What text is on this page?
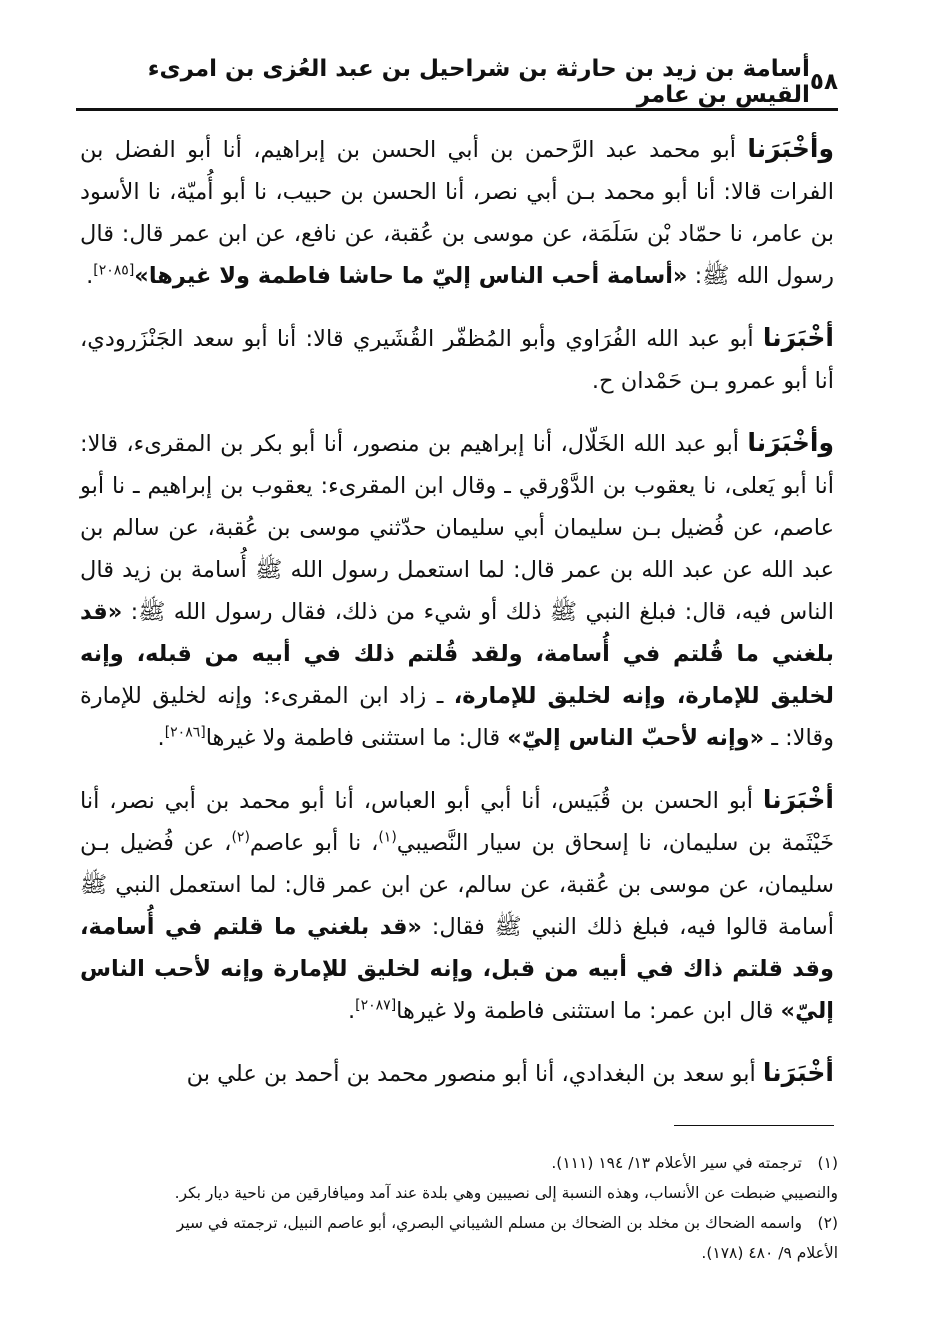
٥٨
أسامة بن زيد بن حارثة بن شراحيل بن عبد العُزى بن امرىء القيس بن عامر

وأخْبَرَنا أبو محمد عبد الرَّحمن بن أبي الحسن بن إبراهيم، أنا أبو الفضل بن الفرات قالا: أنا أبو محمد بـن أبي نصر، أنا الحسن بن حبيب، نا أبو أُميّة، نا الأسود بن عامر، نا حمّاد بْن سَلَمَة، عن موسى بن عُقبة، عن نافع، عن ابن عمر قال: قال رسول الله ﷺ: «أسامة أحب الناس إليّ ما حاشا فاطمة ولا غيرها»[٢٠٨٥].

أخْبَرَنا أبو عبد الله الفُرَاوي وأبو المُظفّر القُشَيري قالا: أنا أبو سعد الجَنْزَرودي، أنا أبو عمرو بـن حَمْدان ح.

وأخْبَرَنا أبو عبد الله الخَلّال، أنا إبراهيم بن منصور، أنا أبو بكر بن المقرىء، قالا: أنا أبو يَعلى، نا يعقوب بن الدَّوْرقي ـ وقال ابن المقرىء: يعقوب بن إبراهيم ـ نا أبو عاصم، عن فُضيل بـن سليمان أبي سليمان حدّثني موسى بن عُقبة، عن سالم بن عبد الله عن عبد الله بن عمر قال: لما استعمل رسول الله ﷺ أُسامة بن زيد قال الناس فيه، قال: فبلغ النبي ﷺ ذلك أو شيء من ذلك، فقال رسول الله ﷺ: «قد بلغني ما قُلتم في أُسامة، ولقد قُلتم ذلك في أبيه من قبله، وإنه لخليق للإمارة، وإنه لخليق للإمارة، ـ زاد ابن المقرىء: وإنه لخليق للإمارة وقالا: ـ «وإنه لأحبّ الناس إليّ» قال: ما استثنى فاطمة ولا غيرها[٢٠٨٦].

أخْبَرَنا أبو الحسن بن قُبَيس، أنا أبي أبو العباس، أنا أبو محمد بن أبي نصر، أنا خَيْثَمة بن سليمان، نا إسحاق بن سيار النَّصيبي$^{(١)}$، نا أبو عاصم$^{(٢)}$، عن فُضيل بـن سليمان، عن موسى بن عُقبة، عن سالم، عن ابن عمر قال: لما استعمل النبي ﷺ أسامة قالوا فيه، فبلغ ذلك النبي ﷺ فقال: «قد بلغني ما قلتم في أُسامة، وقد قلتم ذاك في أبيه من قبل، وإنه لخليق للإمارة وإنه لأحب الناس إليّ» قال ابن عمر: ما استثنى فاطمة ولا غيرها[٢٠٨٧].

أخْبَرَنا أبو سعد بن البغدادي، أنا أبو منصور محمد بن أحمد بن علي بن

(١)ترجمته في سير الأعلام ١٣/ ١٩٤ (١١١).

والنصيبي ضبطت عن الأنساب، وهذه النسبة إلى نصيبين وهي بلدة عند آمد وميافارقين من ناحية ديار بكر.

(٢)واسمه الضحاك بن مخلد بن الضحاك بن مسلم الشيباني البصري، أبو عاصم النبيل، ترجمته في سير

الأعلام ٩/ ٤٨٠ (١٧٨).
